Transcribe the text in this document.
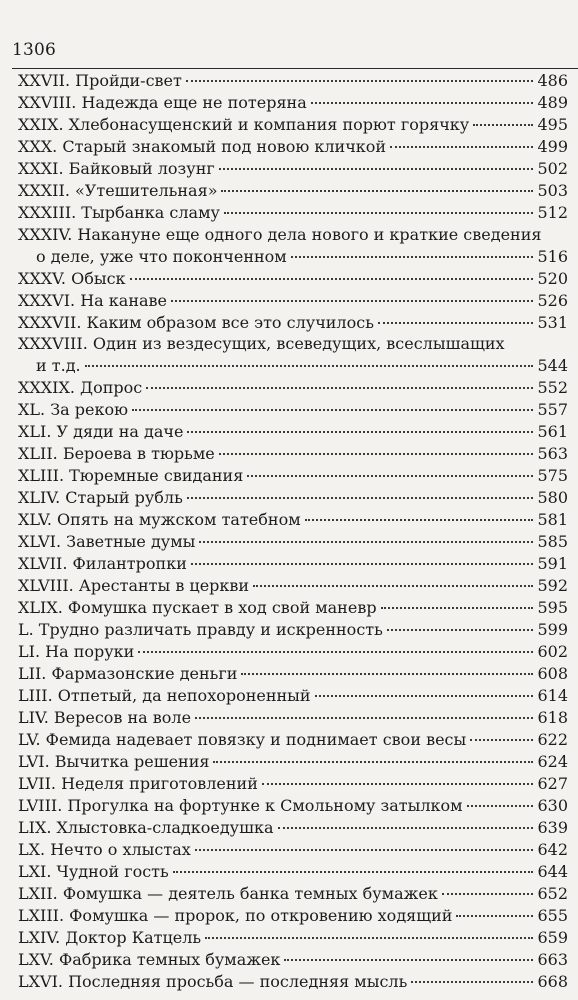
1306
XXVII. Пройди-свет	486
XXVIII. Надежда еще не потеряна	489
XXIX. Хлебонасущенский и компания порют горячку	495
XXX. Старый знакомый под новою кличкой	499
XXXI. Байковый лозунг	502
XXXII. «Утешительная»	503
XXXIII. Тырбанка сламу	512
XXXIV. Накануне еще одного дела нового и краткие сведения
о деле, уже что поконченном	516
XXXV. Обыск	520
XXXVI. На канаве	526
XXXVII. Каким образом все это случилось	531
XXXVIII. Один из вездесущих, всеведущих, всеслышащих
и т.д.	544
XXXIX. Допрос	552
XL. За рекою	557
XLI. У дяди на даче	561
XLII. Бероева в тюрьме	563
XLIII. Тюремные свидания	575
XLIV. Старый рубль	580
XLV. Опять на мужском татебном	581
XLVI. Заветные думы	585
XLVII. Филантропки	591
XLVIII. Арестанты в церкви	592
XLIX. Фомушка пускает в ход свой маневр	595
L. Трудно различать правду и искренность	599
LI. На поруки	602
LII. Фармазонские деньги	608
LIII. Отпетый, да непохороненный	614
LIV. Вересов на воле	618
LV. Фемида надевает повязку и поднимает свои весы	622
LVI. Вычитка решения	624
LVII. Неделя приготовлений	627
LVIII. Прогулка на фортунке к Смольному затылком	630
LIX. Хлыстовка-сладкоедушка	639
LX. Нечто о хлыстах	642
LXI. Чудной гость	644
LXII. Фомушка — деятель банка темных бумажек	652
LXIII. Фомушка — пророк, по откровению ходящий	655
LXIV. Доктор Катцель	659
LXV. Фабрика темных бумажек	663
LXVI. Последняя просьба — последняя мысль	668
